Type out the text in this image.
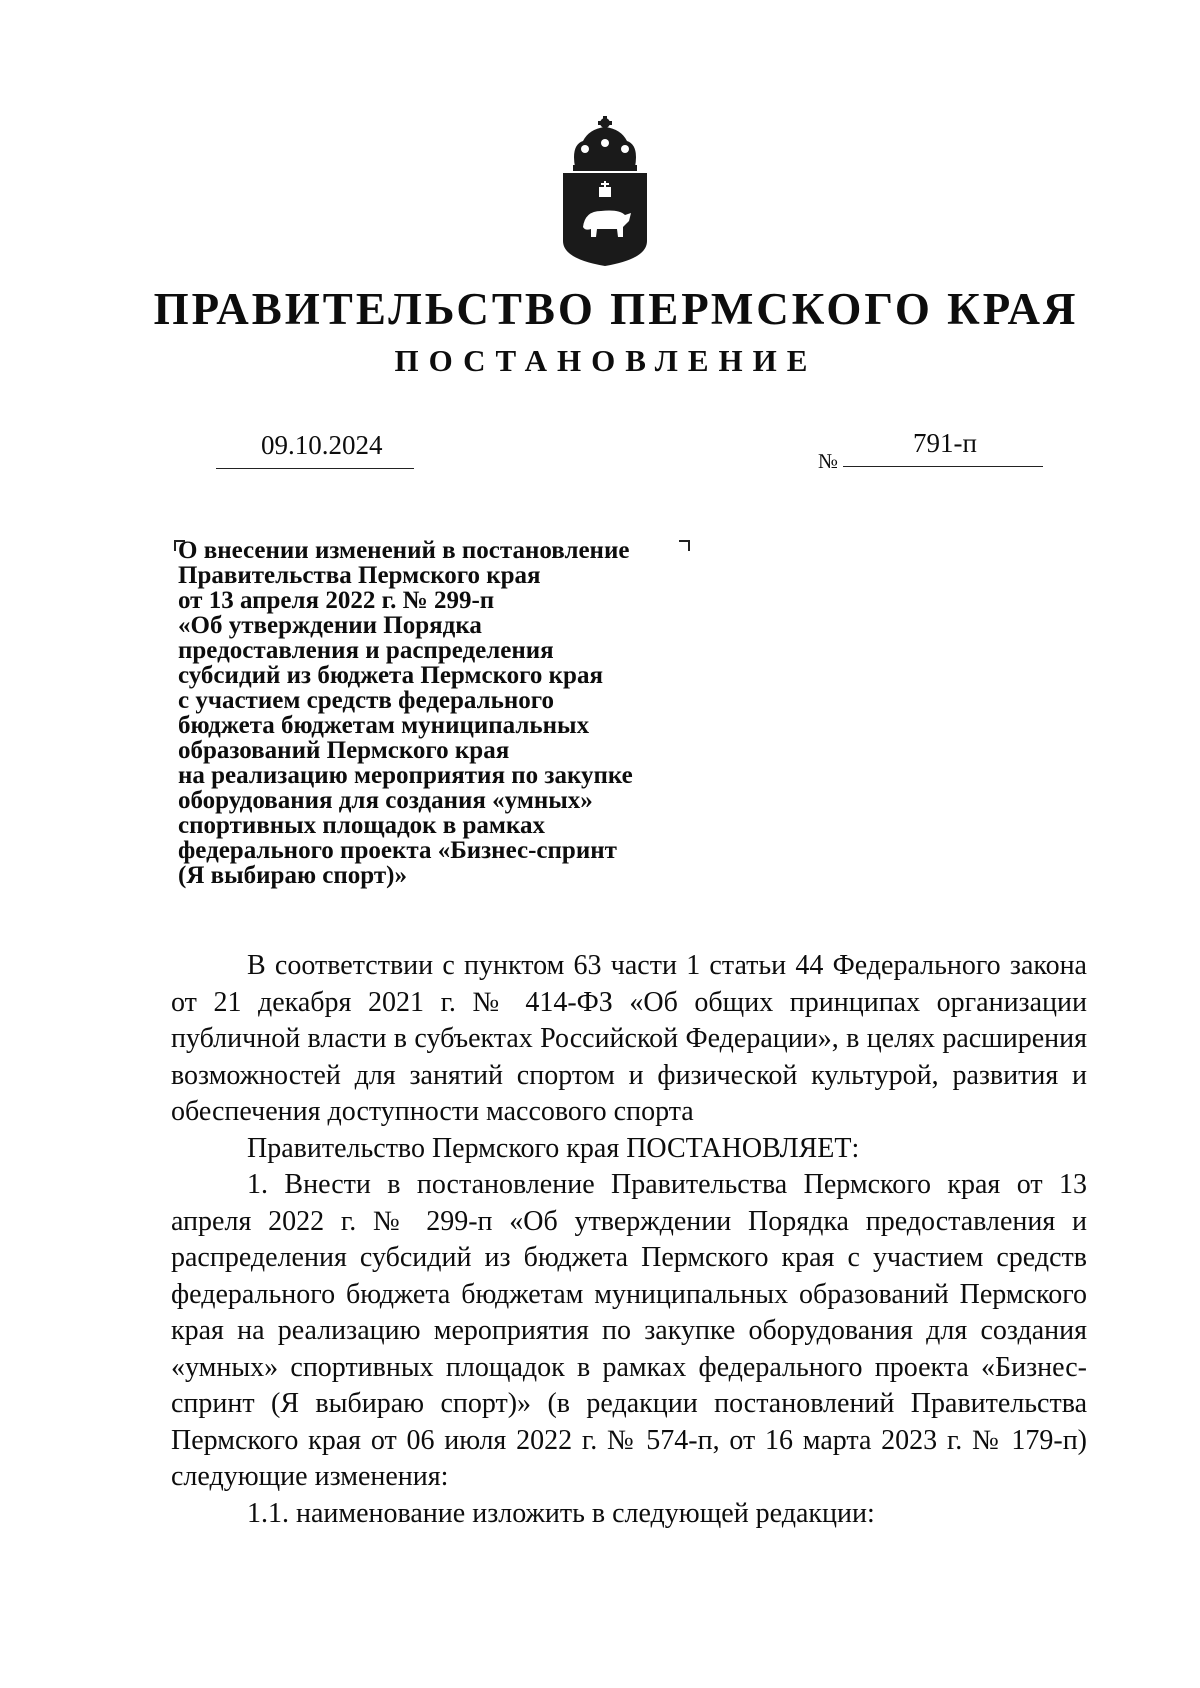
ПРАВИТЕЛЬСТВО ПЕРМСКОГО КРАЯ
ПОСТАНОВЛЕНИЕ
09.10.2024
№
791-п

О внесении изменений в постановление
Правительства Пермского края
от 13 апреля 2022 г. № 299-п
«Об утверждении Порядка
предоставления и распределения
субсидий из бюджета Пермского края
с участием средств федерального
бюджета бюджетам муниципальных
образований Пермского края
на реализацию мероприятия по закупке
оборудования для создания «умных»
спортивных площадок в рамках
федерального проекта «Бизнес-спринт
(Я выбираю спорт)»

В соответствии с пунктом 63 части 1 статьи 44 Федерального закона от 21 декабря 2021 г. № 414-ФЗ «Об общих принципах организации публичной власти в субъектах Российской Федерации», в целях расширения возможностей для занятий спортом и физической культурой, развития и обеспечения доступности массового спорта

Правительство Пермского края ПОСТАНОВЛЯЕТ:

1. Внести в постановление Правительства Пермского края от 13 апреля 2022 г. № 299-п «Об утверждении Порядка предоставления и распределения субсидий из бюджета Пермского края с участием средств федерального бюджета бюджетам муниципальных образований Пермского края на реализацию мероприятия по закупке оборудования для создания «умных» спортивных площадок в рамках федерального проекта «Бизнес-спринт (Я выбираю спорт)» (в редакции постановлений Правительства Пермского края от 06 июля 2022 г. № 574-п, от 16 марта 2023 г. № 179-п) следующие изменения:

1.1. наименование изложить в следующей редакции:
